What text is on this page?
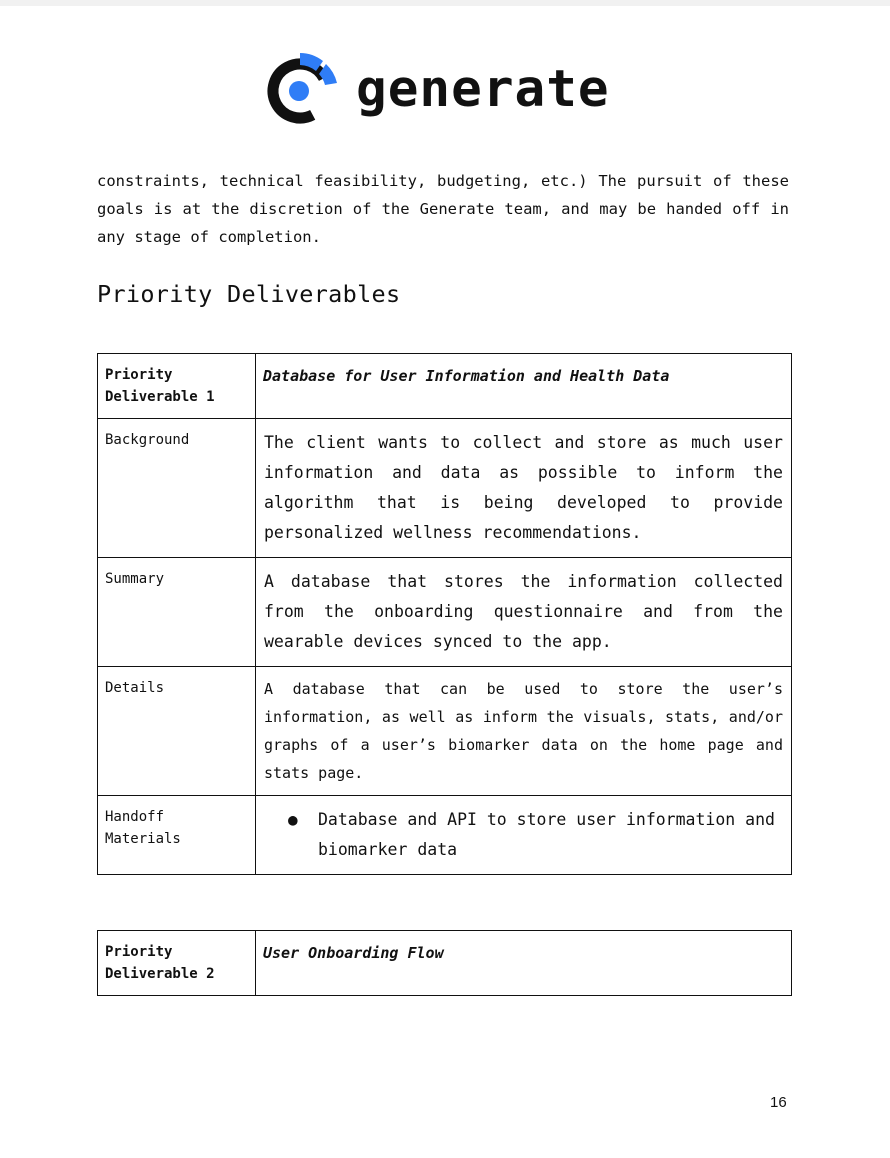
generate
constraints, technical feasibility, budgeting, etc.) The pursuit of these goals is at the discretion of the Generate team, and may be handed off in any stage of completion.
Priority Deliverables
Priority Deliverable 1	Database for User Information and Health Data
Background	The client wants to collect and store as much user information and data as possible to inform the algorithm that is being developed to provide personalized wellness recommendations.
Summary	A database that stores the information collected from the onboarding questionnaire and from the wearable devices synced to the app.
Details	A database that can be used to store the user’s information, as well as inform the visuals, stats, and/or graphs of a user’s biomarker data on the home page and stats page.
Handoff Materials	● Database and API to store user information and biomarker data
Priority Deliverable 2	User Onboarding Flow
16
